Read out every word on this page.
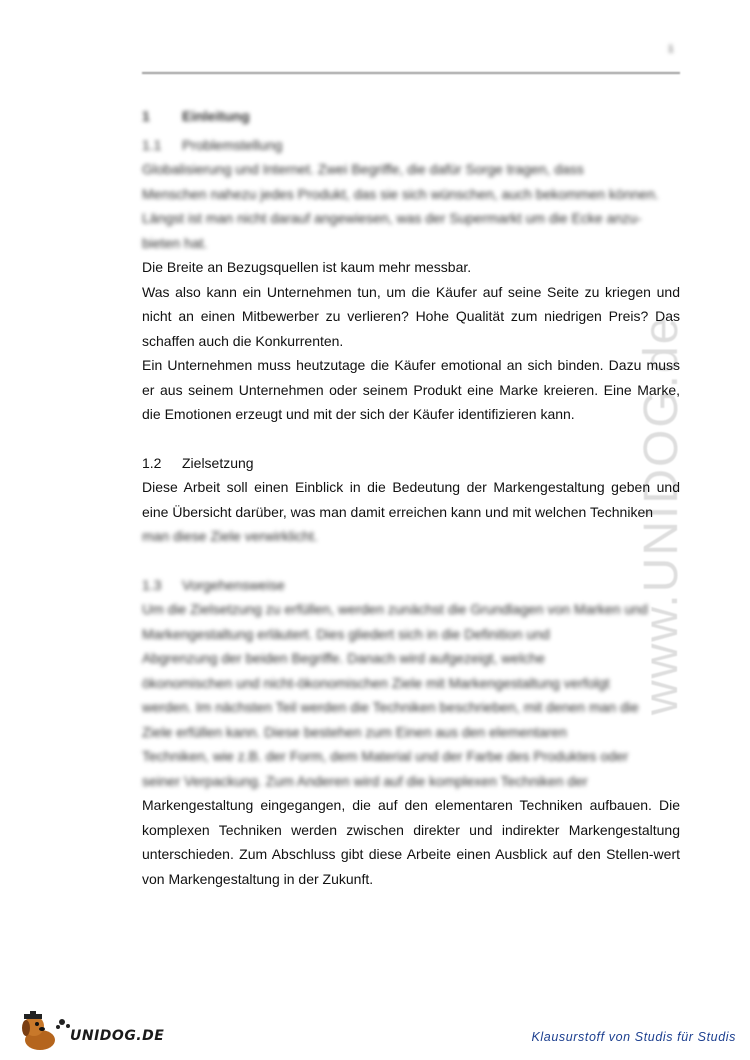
1
www.UNIDOG.de
1 Einleitung
1.1 Problemstellung
Globalisierung und Internet. Zwei Begriffe, die dafür Sorge tragen, dass
Menschen nahezu jedes Produkt, das sie sich wünschen, auch bekommen können.
Längst ist man nicht darauf angewiesen, was der Supermarkt um die Ecke anzu-
bieten hat.

Die Breite an Bezugsquellen ist kaum mehr messbar.

Was also kann ein Unternehmen tun, um die Käufer auf seine Seite zu kriegen und nicht an einen Mitbewerber zu verlieren? Hohe Qualität zum niedrigen Preis? Das schaffen auch die Konkurrenten.

Ein Unternehmen muss heutzutage die Käufer emotional an sich binden. Dazu muss er aus seinem Unternehmen oder seinem Produkt eine Marke kreieren. Eine Marke, die Emotionen erzeugt und mit der sich der Käufer identifizieren kann.

1.2 Zielsetzung

Diese Arbeit soll einen Einblick in die Bedeutung der Markengestaltung geben und eine Übersicht darüber, was man damit erreichen kann und mit welchen Techniken

man diese Ziele verwirklicht.

1.3 Vorgehensweise
Um die Zielsetzung zu erfüllen, werden zunächst die Grundlagen von Marken und
Markengestaltung erläutert. Dies gliedert sich in die Definition und
Abgrenzung der beiden Begriffe. Danach wird aufgezeigt, welche
ökonomischen und nicht-ökonomischen Ziele mit Markengestaltung verfolgt
werden. Im nächsten Teil werden die Techniken beschrieben, mit denen man die
Ziele erfüllen kann. Diese bestehen zum Einen aus den elementaren
Techniken, wie z.B. der Form, dem Material und der Farbe des Produktes oder
seiner Verpackung. Zum Anderen wird auf die komplexen Techniken der

Markengestaltung eingegangen, die auf den elementaren Techniken aufbauen. Die komplexen Techniken werden zwischen direkter und indirekter Markengestaltung unterschieden. Zum Abschluss gibt diese Arbeite einen Ausblick auf den Stellen-wert von Markengestaltung in der Zukunft.

UNIDOG.DE	Klausurstoff von Studis für Studis
